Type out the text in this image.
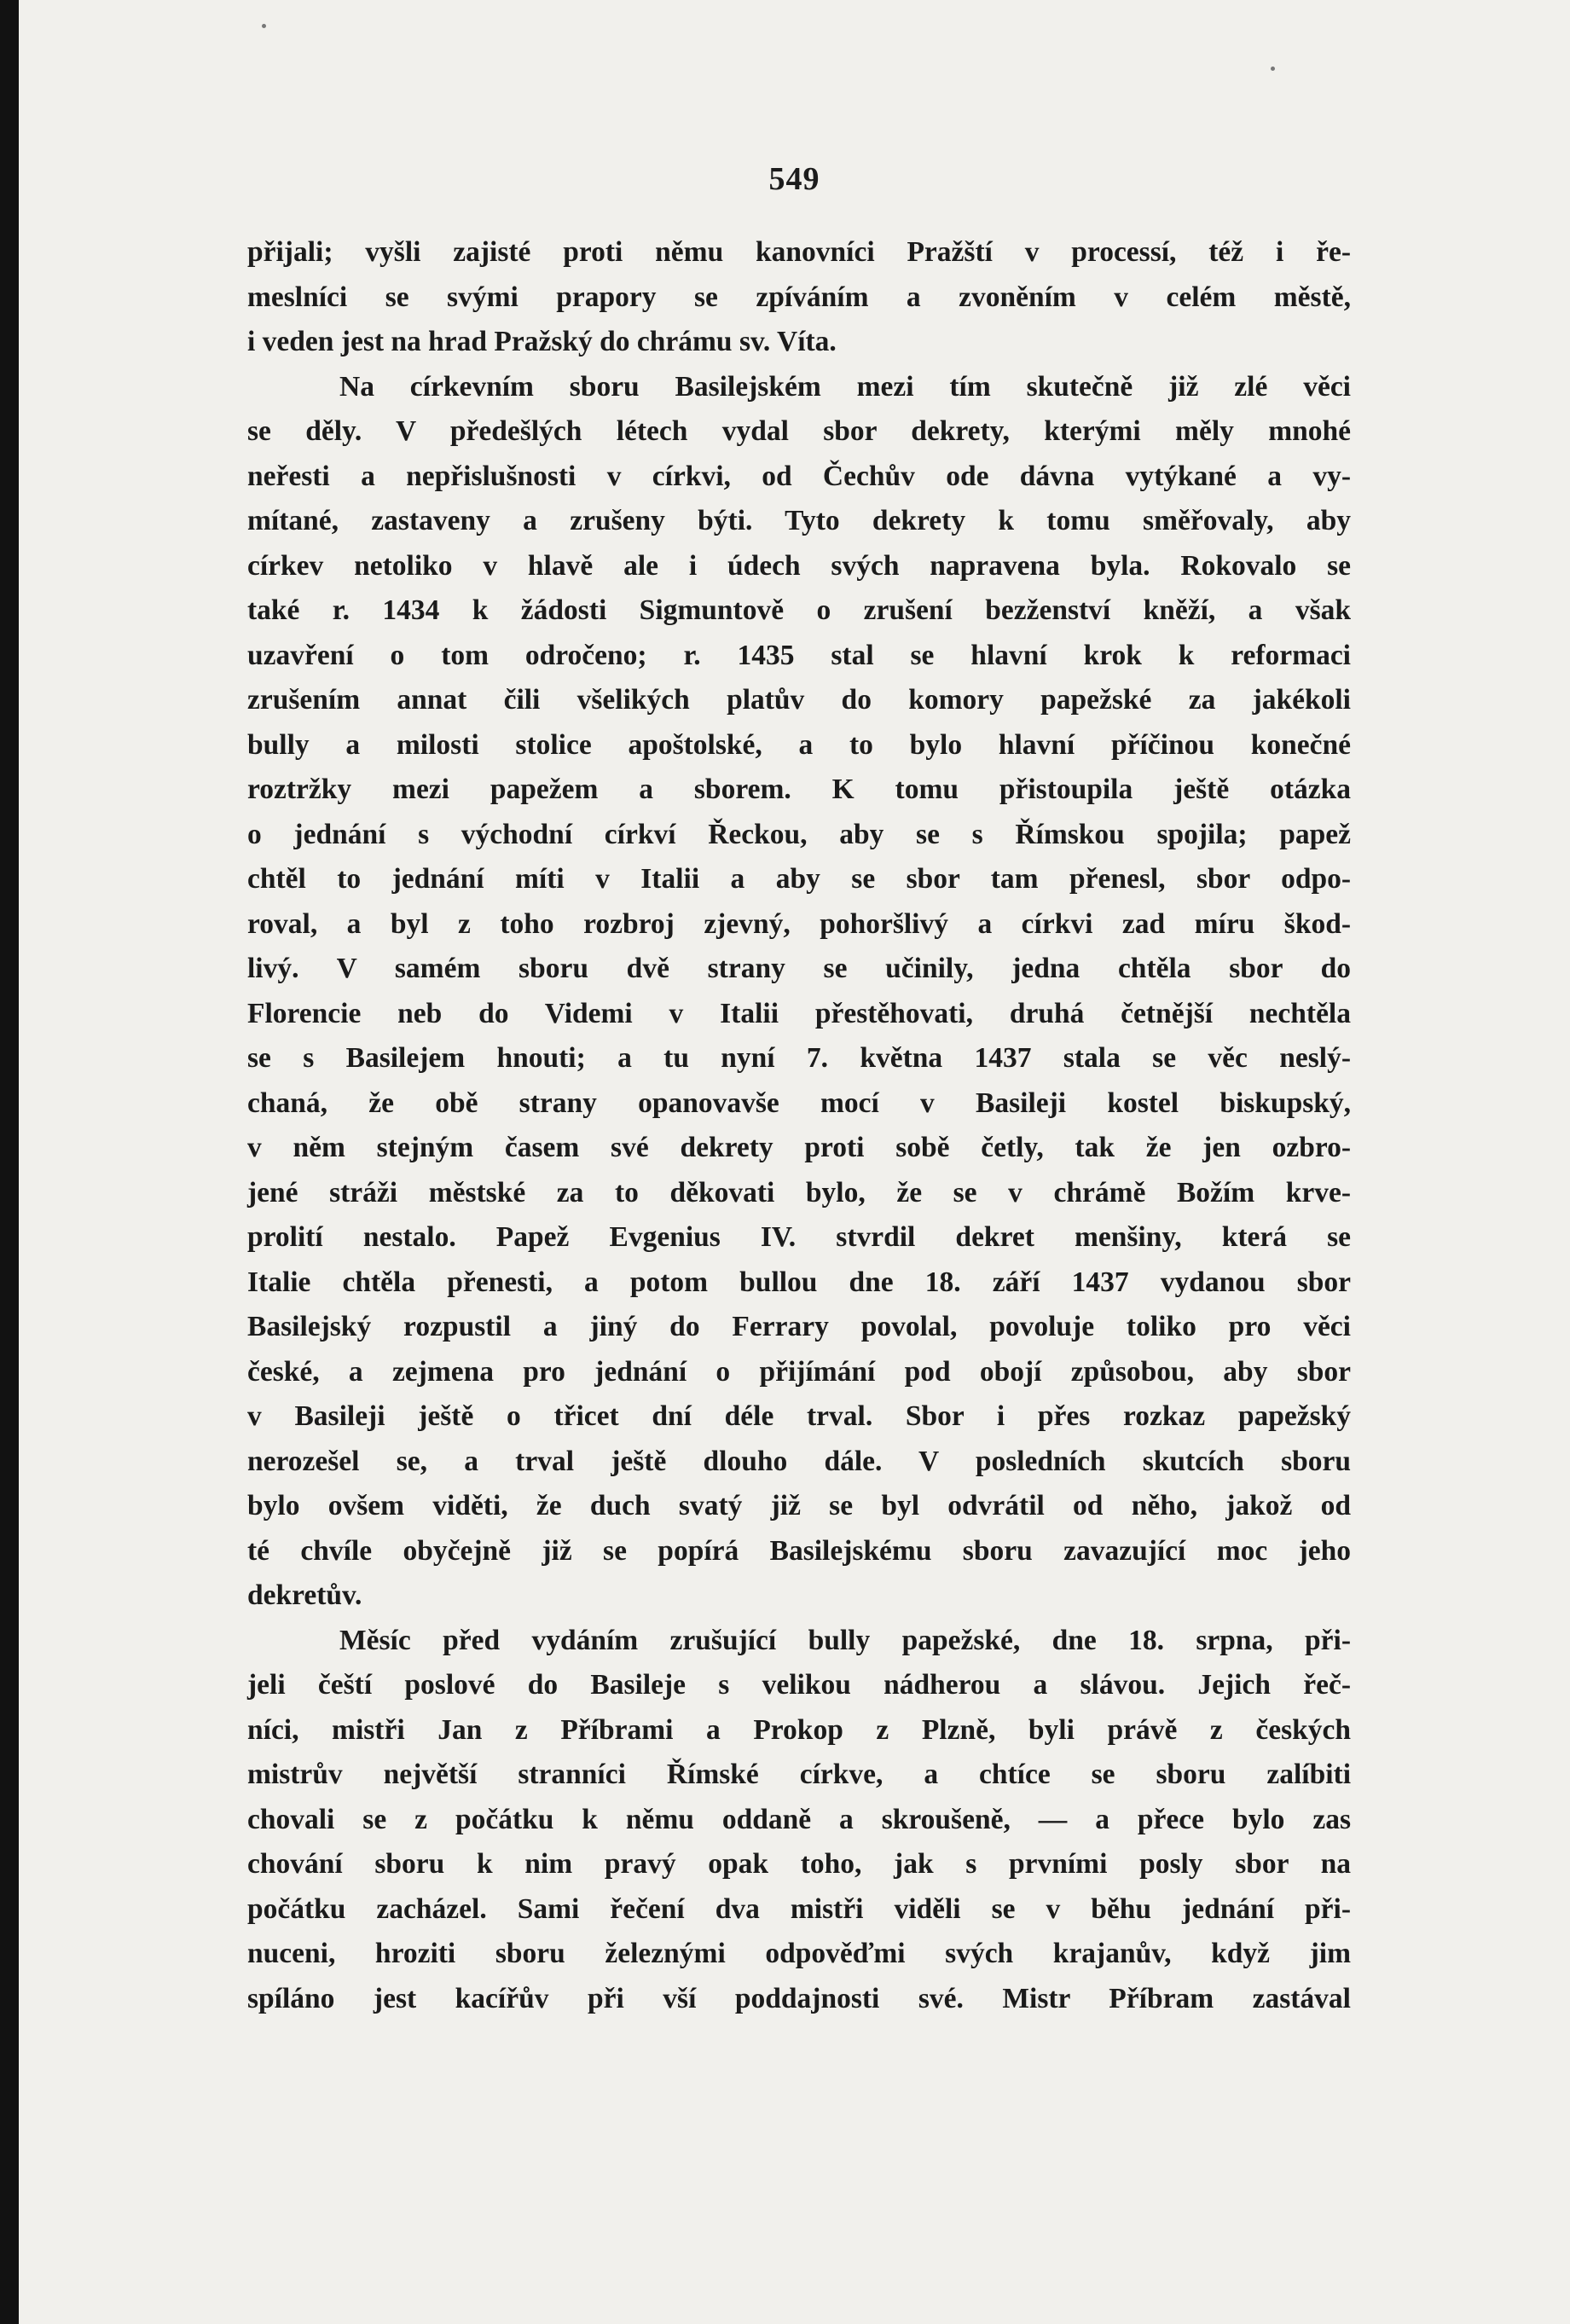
549
přijali; vyšli zajisté proti němu kanovníci Pražští v processí, též i ře-
meslníci se svými prapory se zpíváním a zvoněním v celém městě,
i veden jest na hrad Pražský do chrámu sv. Víta.
Na církevním sboru Basilejském mezi tím skutečně již zlé věci
se děly. V předešlých létech vydal sbor dekrety, kterými měly mnohé
neřesti a nepřislušnosti v církvi, od Čechův ode dávna vytýkané a vy-
mítané, zastaveny a zrušeny býti. Tyto dekrety k tomu směřovaly, aby
církev netoliko v hlavě ale i údech svých napravena byla. Rokovalo se
také r. 1434 k žádosti Sigmuntově o zrušení bezženství kněží, a však
uzavření o tom odročeno; r. 1435 stal se hlavní krok k reformaci
zrušením annat čili všelikých platův do komory papežské za jakékoli
bully a milosti stolice apoštolské, a to bylo hlavní příčinou konečné
roztržky mezi papežem a sborem. K tomu přistoupila ještě otázka
o jednání s východní církví Řeckou, aby se s Římskou spojila; papež
chtěl to jednání míti v Italii a aby se sbor tam přenesl, sbor odpo-
roval, a byl z toho rozbroj zjevný, pohoršlivý a církvi zad míru škod-
livý. V samém sboru dvě strany se učinily, jedna chtěla sbor do
Florencie neb do Videmi v Italii přestěhovati, druhá četnější nechtěla
se s Basilejem hnouti; a tu nyní 7. května 1437 stala se věc neslý-
chaná, že obě strany opanovavše mocí v Basileji kostel biskupský,
v něm stejným časem své dekrety proti sobě četly, tak že jen ozbro-
jené stráži městské za to děkovati bylo, že se v chrámě Božím krve-
prolití nestalo. Papež Evgenius IV. stvrdil dekret menšiny, která se
Italie chtěla přenesti, a potom bullou dne 18. září 1437 vydanou sbor
Basilejský rozpustil a jiný do Ferrary povolal, povoluje toliko pro věci
české, a zejmena pro jednání o přijímání pod obojí způsobou, aby sbor
v Basileji ještě o třicet dní déle trval. Sbor i přes rozkaz papežský
nerozešel se, a trval ještě dlouho dále. V posledních skutcích sboru
bylo ovšem viděti, že duch svatý již se byl odvrátil od něho, jakož od
té chvíle obyčejně již se popírá Basilejskému sboru zavazující moc jeho
dekretův.
Měsíc před vydáním zrušující bully papežské, dne 18. srpna, při-
jeli čeští poslové do Basileje s velikou nádherou a slávou. Jejich řeč-
níci, mistři Jan z Příbrami a Prokop z Plzně, byli právě z českých
mistrův největší stranníci Římské církve, a chtíce se sboru zalíbiti
chovali se z počátku k němu oddaně a skroušeně, — a přece bylo zas
chování sboru k nim pravý opak toho, jak s prvními posly sbor na
počátku zacházel. Sami řečení dva mistři viděli se v běhu jednání při-
nuceni, hroziti sboru železnými odpověďmi svých krajanův, když jim
spíláno jest kacířův při vší poddajnosti své. Mistr Příbram zastával
